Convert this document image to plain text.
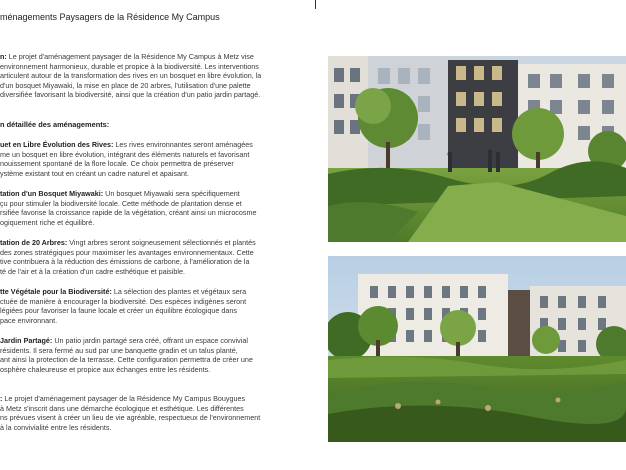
ménagements Paysagers de la Résidence My Campus
n: Le projet d'aménagement paysager de la Résidence My Campus à Metz vise
environnement harmonieux, durable et propice à la biodiversité. Les interventions
articulent autour de la transformation des rives en un bosquet en libre évolution, la
d'un bosquet Miyawaki, la mise en place de 20 arbres, l'utilisation d'une palette
diversifiée favorisant la biodiversité, ainsi que la création d'un patio jardin partagé.
n détaillée des aménagements:
uet en Libre Évolution des Rives: Les rives environnantes seront aménagées
me un bosquet en libre évolution, intégrant des éléments naturels et favorisant
nouissement spontané de la flore locale. Ce choix permettra de préserver
ystème existant tout en créant un cadre naturel et apaisant.
tation d'un Bosquet Miyawaki: Un bosquet Miyawaki sera spécifiquement
çu pour stimuler la biodiversité locale. Cette méthode de plantation dense et
rsifiée favorise la croissance rapide de la végétation, créant ainsi un microcosme
ogiquement riche et équilibré.
tation de 20 Arbres: Vingt arbres seront soigneusement sélectionnés et plantés
des zones stratégiques pour maximiser les avantages environnementaux. Cette
tive contribuera à la réduction des émissions de carbone, à l'amélioration de la
té de l'air et à la création d'un cadre esthétique et paisible.
tte Végétale pour la Biodiversité: La sélection des plantes et végétaux sera
ctuée de manière à encourager la biodiversité. Des espèces indigènes seront
légiées pour favoriser la faune locale et créer un équilibre écologique dans
pace environnant.
Jardin Partagé: Un patio jardin partagé sera créé, offrant un espace convivial
résidents. Il sera fermé au sud par une banquette gradin et un talus planté,
ant ainsi la protection de la terrasse. Cette configuration permettra de créer une
osphère chaleureuse et propice aux échanges entre les résidents.
: Le projet d'aménagement paysager de la Résidence My Campus Bouygues
à Metz s'inscrit dans une démarche écologique et esthétique. Les différentes
ns prévues visent à créer un lieu de vie agréable, respectueux de l'environnement
à la convivialité entre les résidents.
